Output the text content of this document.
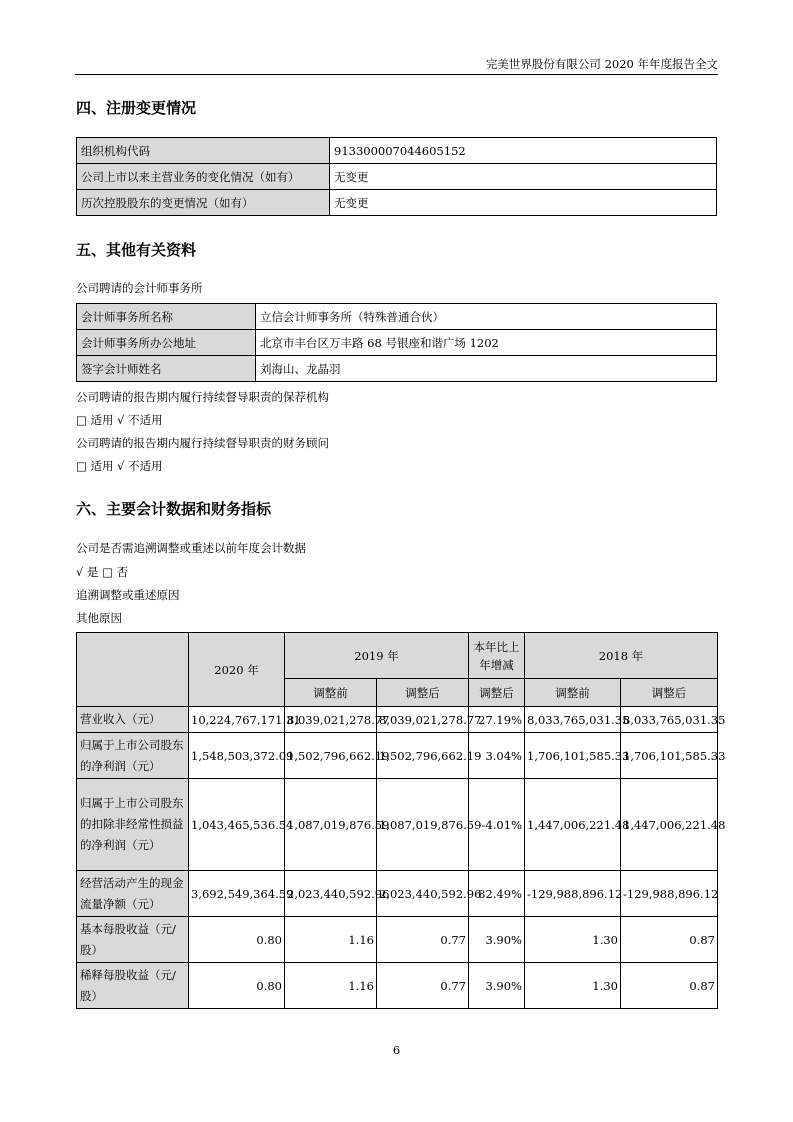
完美世界股份有限公司 2020 年年度报告全文
四、注册变更情况
组织机构代码	913300007044605152
公司上市以来主营业务的变化情况（如有）	无变更
历次控股股东的变更情况（如有）	无变更
五、其他有关资料
公司聘请的会计师事务所
会计师事务所名称	立信会计师事务所（特殊普通合伙）
会计师事务所办公地址	北京市丰台区万丰路 68 号银座和谐广场 1202
签字会计师姓名	刘海山、龙晶羽
公司聘请的报告期内履行持续督导职责的保荐机构
□ 适用 √ 不适用
公司聘请的报告期内履行持续督导职责的财务顾问
□ 适用 √ 不适用
六、主要会计数据和财务指标
公司是否需追溯调整或重述以前年度会计数据
√ 是 □ 否
追溯调整或重述原因
其他原因
	2020 年	2019 年		本年比上年增减	2018 年	
		调整前	调整后	调整后	调整前	调整后
营业收入（元）	10,224,767,171.31	8,039,021,278.77	8,039,021,278.77	27.19%	8,033,765,031.35	8,033,765,031.35
归属于上市公司股东的净利润（元）	1,548,503,372.09	1,502,796,662.19	1,502,796,662.19	3.04%	1,706,101,585.33	1,706,101,585.33
归属于上市公司股东的扣除非经常性损益的净利润（元）	1,043,465,536.54	1,087,019,876.59	1,087,019,876.59	-4.01%	1,447,006,221.48	1,447,006,221.48
经营活动产生的现金流量净额（元）	3,692,549,364.59	2,023,440,592.96	2,023,440,592.96	82.49%	-129,988,896.12	-129,988,896.12
基本每股收益（元/股）	0.80	1.16	0.77	3.90%	1.30	0.87
稀释每股收益（元/股）	0.80	1.16	0.77	3.90%	1.30	0.87
6
